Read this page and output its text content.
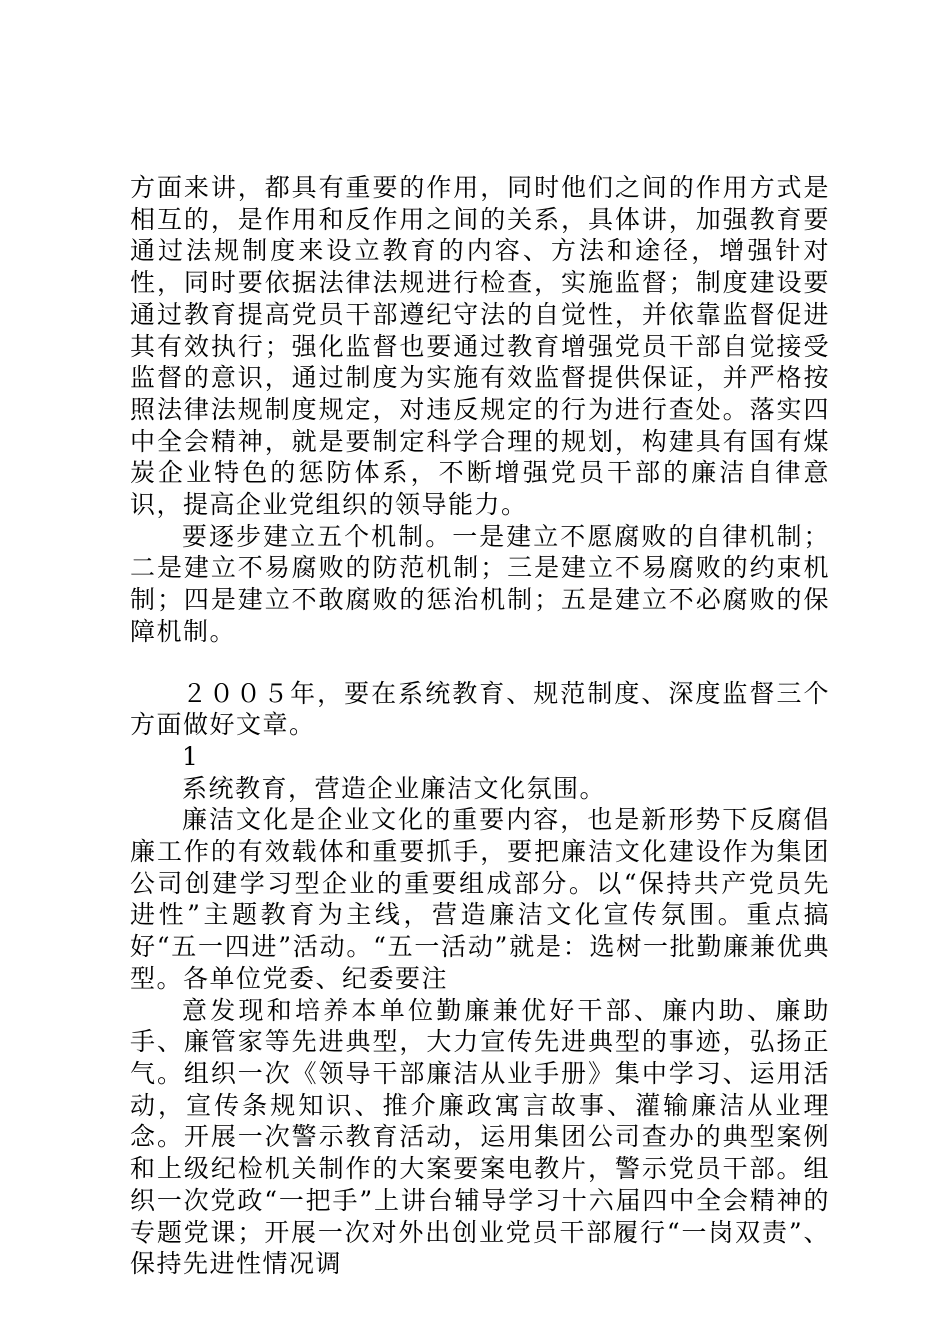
方面来讲，都具有重要的作用，同时他们之间的作用方式是相互的，是作用和反作用之间的关系，具体讲，加强教育要通过法规制度来设立教育的内容、方法和途径，增强针对性，同时要依据法律法规进行检查，实施监督；制度建设要通过教育提高党员干部遵纪守法的自觉性，并依靠监督促进其有效执行；强化监督也要通过教育增强党员干部自觉接受监督的意识，通过制度为实施有效监督提供保证，并严格按照法律法规制度规定，对违反规定的行为进行查处。落实四中全会精神，就是要制定科学合理的规划，构建具有国有煤炭企业特色的惩防体系，不断增强党员干部的廉洁自律意识，提高企业党组织的领导能力。

要逐步建立五个机制。一是建立不愿腐败的自律机制；二是建立不易腐败的防范机制；三是建立不易腐败的约束机制；四是建立不敢腐败的惩治机制；五是建立不必腐败的保障机制。

２００５年，要在系统教育、规范制度、深度监督三个方面做好文章。

1

系统教育，营造企业廉洁文化氛围。

廉洁文化是企业文化的重要内容，也是新形势下反腐倡廉工作的有效载体和重要抓手，要把廉洁文化建设作为集团公司创建学习型企业的重要组成部分。以“保持共产党员先进性”主题教育为主线，营造廉洁文化宣传氛围。重点搞好“五一四进”活动。“五一活动”就是：选树一批勤廉兼优典型。各单位党委、纪委要注

意发现和培养本单位勤廉兼优好干部、廉内助、廉助手、廉管家等先进典型，大力宣传先进典型的事迹，弘扬正气。组织一次《领导干部廉洁从业手册》集中学习、运用活动，宣传条规知识、推介廉政寓言故事、灌输廉洁从业理念。开展一次警示教育活动，运用集团公司查办的典型案例和上级纪检机关制作的大案要案电教片，警示党员干部。组织一次党政“一把手”上讲台辅导学习十六届四中全会精神的专题党课；开展一次对外出创业党员干部履行“一岗双责”、保持先进性情况调
